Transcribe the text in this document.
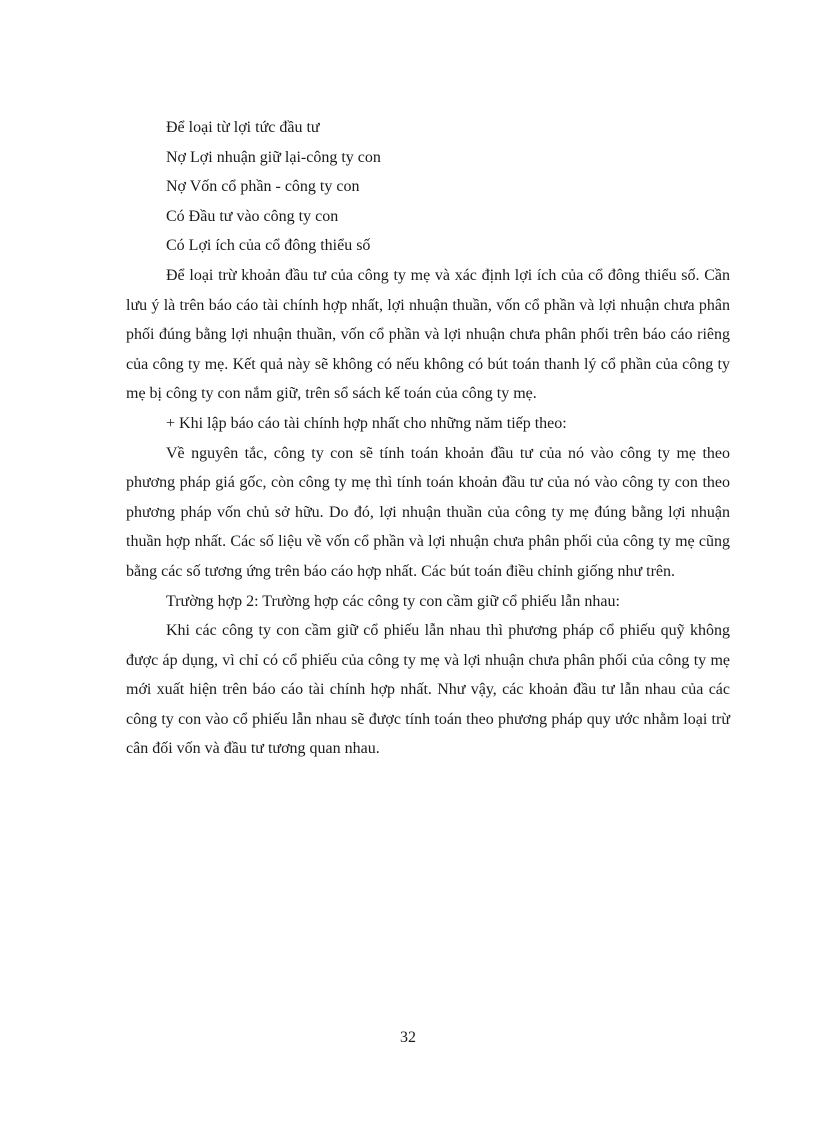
Để loại từ lợi tức đầu tư

Nợ Lợi nhuận giữ lại-công ty con

Nợ Vốn cổ phần - công ty con

Có Đầu tư vào công ty con

Có Lợi ích của cổ đông thiểu số

Để loại trừ khoản đầu tư của công ty mẹ và xác định lợi ích của cổ đông thiểu số. Cần lưu ý là trên báo cáo tài chính hợp nhất, lợi nhuận thuần, vốn cổ phần và lợi nhuận chưa phân phối đúng bằng lợi nhuận thuần, vốn cổ phần và lợi nhuận chưa phân phối trên báo cáo riêng của công ty mẹ. Kết quả này sẽ không có nếu không có bút toán thanh lý cổ phần của công ty mẹ bị công ty con nắm giữ, trên sổ sách kế toán của công ty mẹ.

+ Khi lập báo cáo tài chính hợp nhất cho những năm tiếp theo:

Về nguyên tắc, công ty con sẽ tính toán khoản đầu tư của nó vào công ty mẹ theo phương pháp giá gốc, còn công ty mẹ thì tính toán khoản đầu tư của nó vào công ty con theo phương pháp vốn chủ sở hữu. Do đó, lợi nhuận thuần của công ty mẹ đúng bằng lợi nhuận thuần hợp nhất. Các số liệu về vốn cổ phần và lợi nhuận chưa phân phối của công ty mẹ cũng bằng các số tương ứng trên báo cáo hợp nhất. Các bút toán điều chỉnh giống như trên.

Trường hợp 2: Trường hợp các công ty con cầm giữ cổ phiếu lẫn nhau:

Khi các công ty con cầm giữ cổ phiếu lẫn nhau thì phương pháp cổ phiếu quỹ không được áp dụng, vì chỉ có cổ phiếu của công ty mẹ và lợi nhuận chưa phân phối của công ty mẹ mới xuất hiện trên báo cáo tài chính hợp nhất. Như vậy, các khoản đầu tư lẫn nhau của các công ty con vào cổ phiếu lẫn nhau sẽ được tính toán theo phương pháp quy ước nhằm loại trừ cân đối vốn và đầu tư tương quan nhau.

32
